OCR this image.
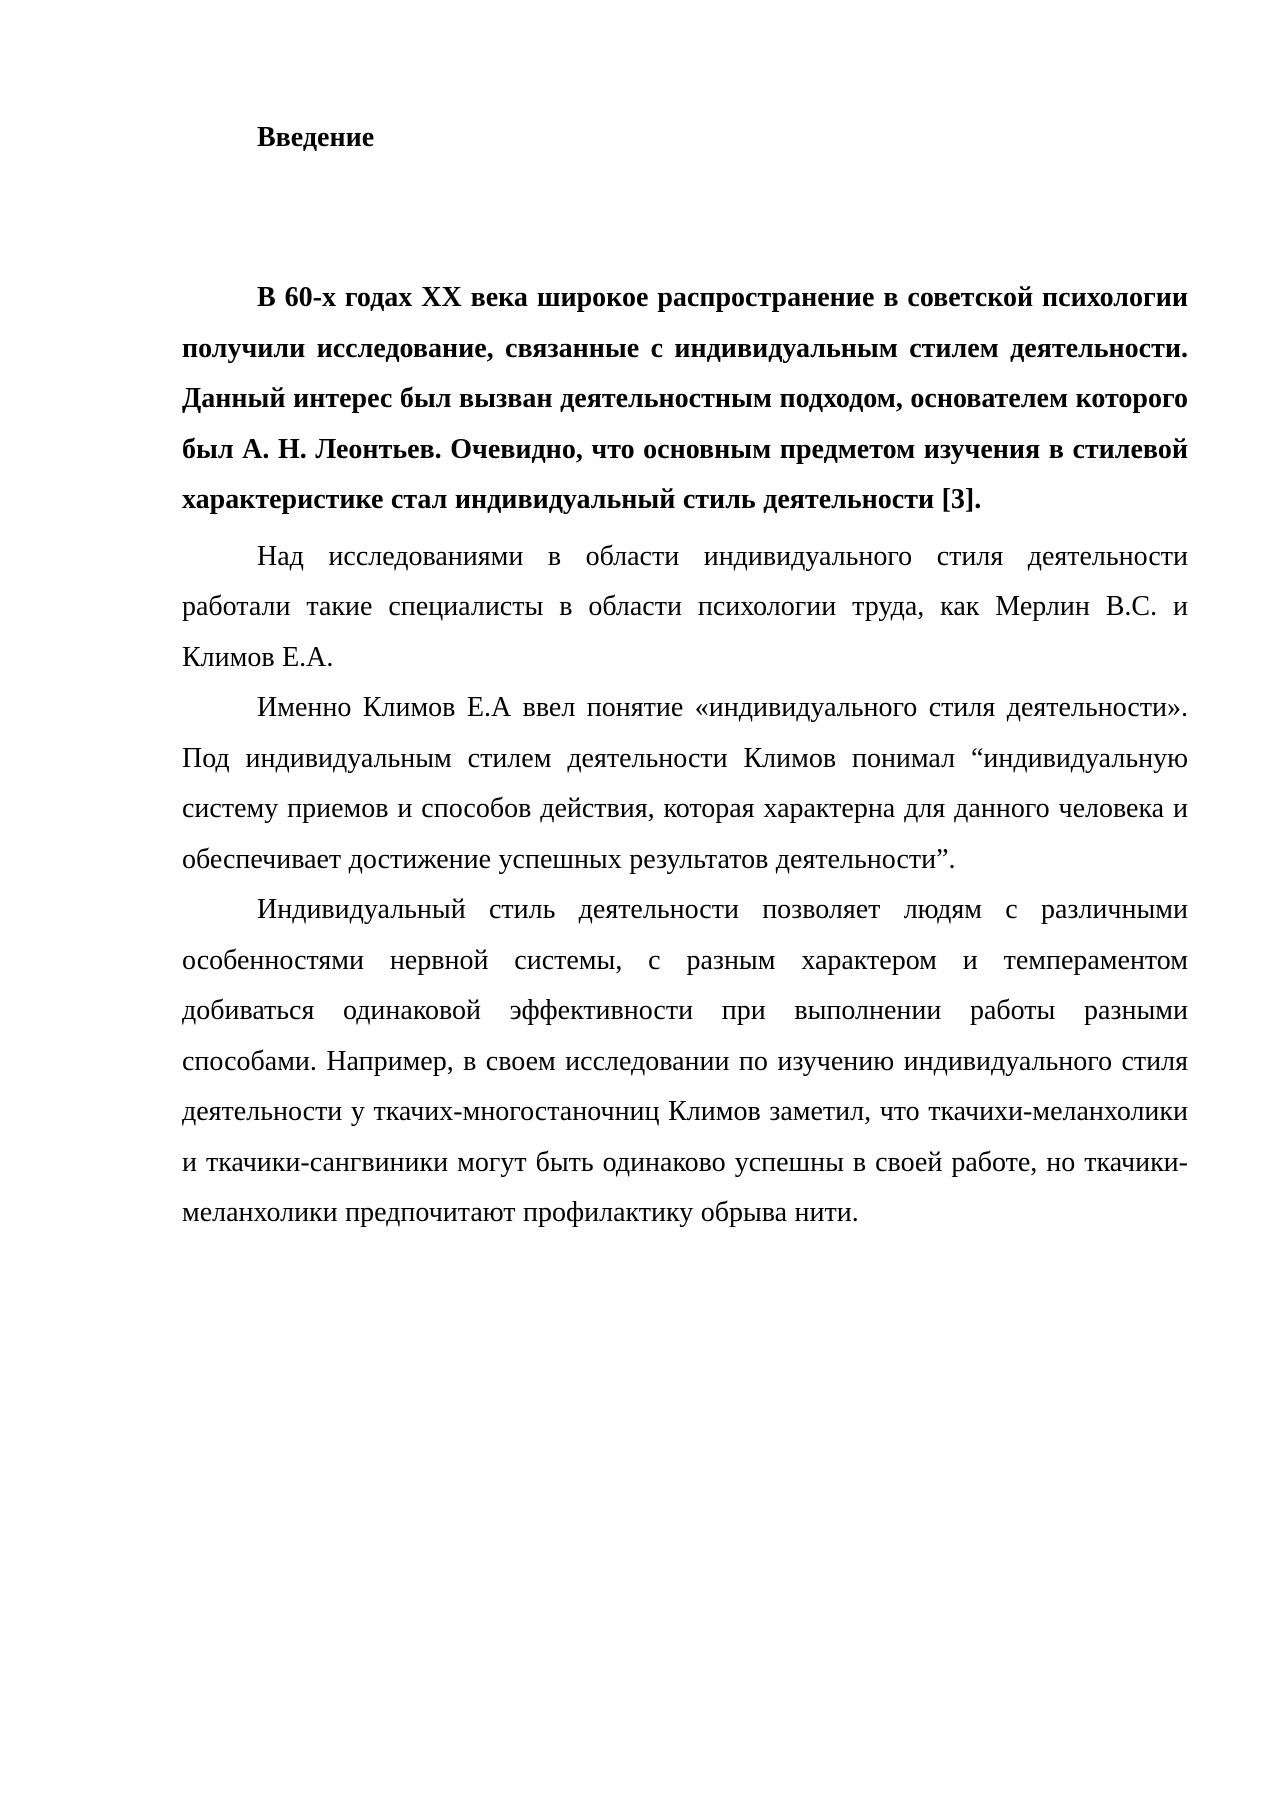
Введение

В 60-х годах XX века широкое распространение в советской психологии получили исследование, связанные с индивидуальным стилем деятельности. Данный интерес был вызван деятельностным подходом, основателем которого был А. Н. Леонтьев. Очевидно, что основным предметом изучения в стилевой характеристике стал индивидуальный стиль деятельности [3].

Над исследованиями в области индивидуального стиля деятельности работали такие специалисты в области психологии труда, как Мерлин В.С. и Климов Е.А.

Именно Климов Е.А ввел понятие «индивидуального стиля деятельности». Под индивидуальным стилем деятельности Климов понимал “индивидуальную систему приемов и способов действия, которая характерна для данного человека и обеспечивает достижение успешных результатов деятельности”.

Индивидуальный стиль деятельности позволяет людям с различными особенностями нервной системы, с разным характером и темпераментом добиваться одинаковой эффективности при выполнении работы разными способами. Например, в своем исследовании по изучению индивидуального стиля деятельности у ткачих-многостаночниц Климов заметил, что ткачихи-меланхолики и ткачики-сангвиники могут быть одинаково успешны в своей работе, но ткачики-меланхолики предпочитают профилактику обрыва нити.
